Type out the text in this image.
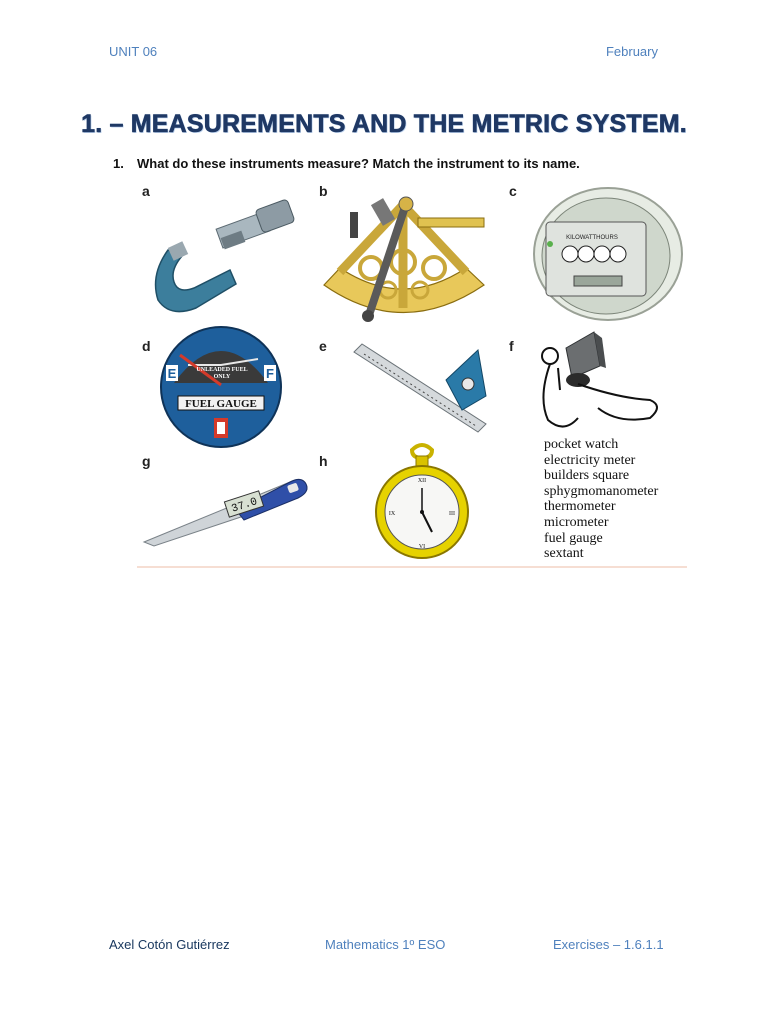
UNIT 06	February
1. – MEASUREMENTS AND THE METRIC SYSTEM.
1. What do these instruments measure? Match the instrument to its name.
a	b	c
d	e	f
g	h
KILOWATTHOURS
UNLEADED FUEL
ONLY
E	F
FUEL GAUGE
37.0
XII
III
VI
IX
pocket watch
electricity meter
builders square
sphygmomanometer
thermometer
micrometer
fuel gauge
sextant
Axel Cotón Gutiérrez	Mathematics 1º ESO	Exercises – 1.6.1.1
